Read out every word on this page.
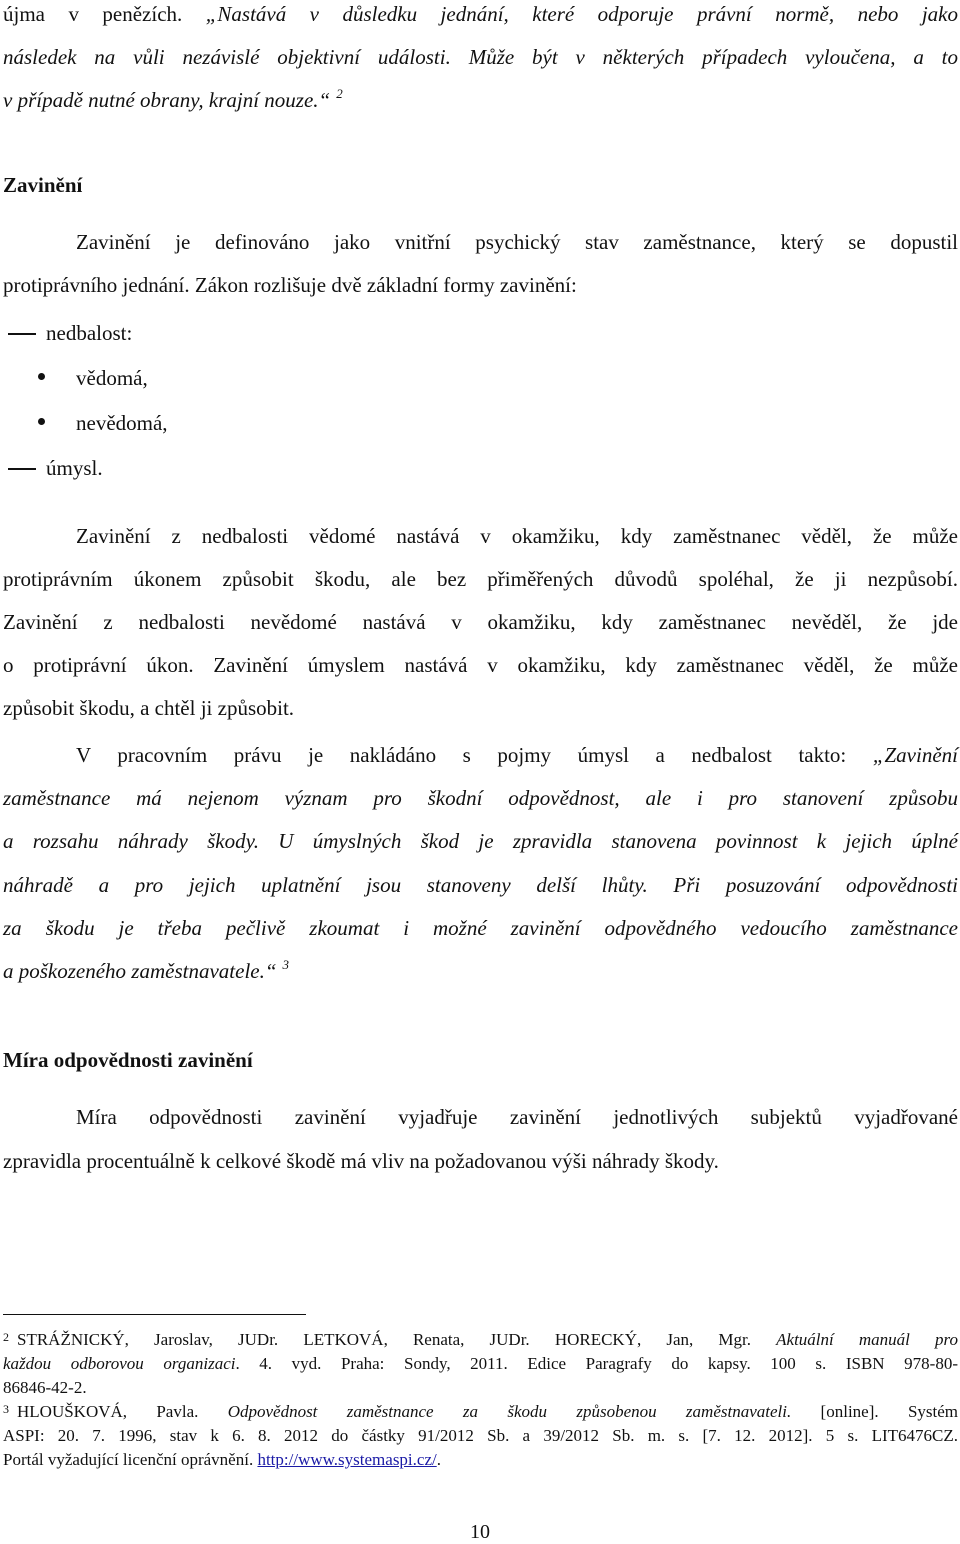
újma v penězích. „Nastává v důsledku jednání, které odporuje právní normě, nebo jako
následek na vůli nezávislé objektivní události. Může být v některých případech vyloučena, a to
v případě nutné obrany, krajní nouze.“ $^2$
Zavinění
Zavinění je definováno jako vnitřní psychický stav zaměstnance, který se dopustil
protiprávního jednání. Zákon rozlišuje dvě základní formy zavinění:
nedbalost:
vědomá,
nevědomá,
úmysl.
Zavinění z nedbalosti vědomé nastává v okamžiku, kdy zaměstnanec věděl, že může
protiprávním úkonem způsobit škodu, ale bez přiměřených důvodů spoléhal, že ji nezpůsobí.
Zavinění z nedbalosti nevědomé nastává v okamžiku, kdy zaměstnanec nevěděl, že jde
o protiprávní úkon. Zavinění úmyslem nastává v okamžiku, kdy zaměstnanec věděl, že může
způsobit škodu, a chtěl ji způsobit.
V pracovním právu je nakládáno s pojmy úmysl a nedbalost takto: „Zavinění
zaměstnance má nejenom význam pro škodní odpovědnost, ale i pro stanovení způsobu
a rozsahu náhrady škody. U úmyslných škod je zpravidla stanovena povinnost k jejich úplné
náhradě a pro jejich uplatnění jsou stanoveny delší lhůty. Při posuzování odpovědnosti
za škodu je třeba pečlivě zkoumat i možné zavinění odpovědného vedoucího zaměstnance
a poškozeného zaměstnavatele.“ $^3$
Míra odpovědnosti zavinění
Míra odpovědnosti zavinění vyjadřuje zavinění jednotlivých subjektů vyjadřované
zpravidla procentuálně k celkové škodě má vliv na požadovanou výši náhrady škody.
$^2$ STRÁŽNICKÝ, Jaroslav, JUDr. LETKOVÁ, Renata, JUDr. HORECKÝ, Jan, Mgr. Aktuální manuál pro
každou odborovou organizaci. 4. vyd. Praha: Sondy, 2011. Edice Paragrafy do kapsy. 100 s. ISBN 978-80-
86846-42-2.
$^3$ HLOUŠKOVÁ, Pavla. Odpovědnost zaměstnance za škodu způsobenou zaměstnavateli. [online]. Systém
ASPI: 20. 7. 1996, stav k 6. 8. 2012 do částky 91/2012 Sb. a 39/2012 Sb. m. s. [7. 12. 2012]. 5 s. LIT6476CZ.
Portál vyžadující licenční oprávnění. http://www.systemaspi.cz/.
10
